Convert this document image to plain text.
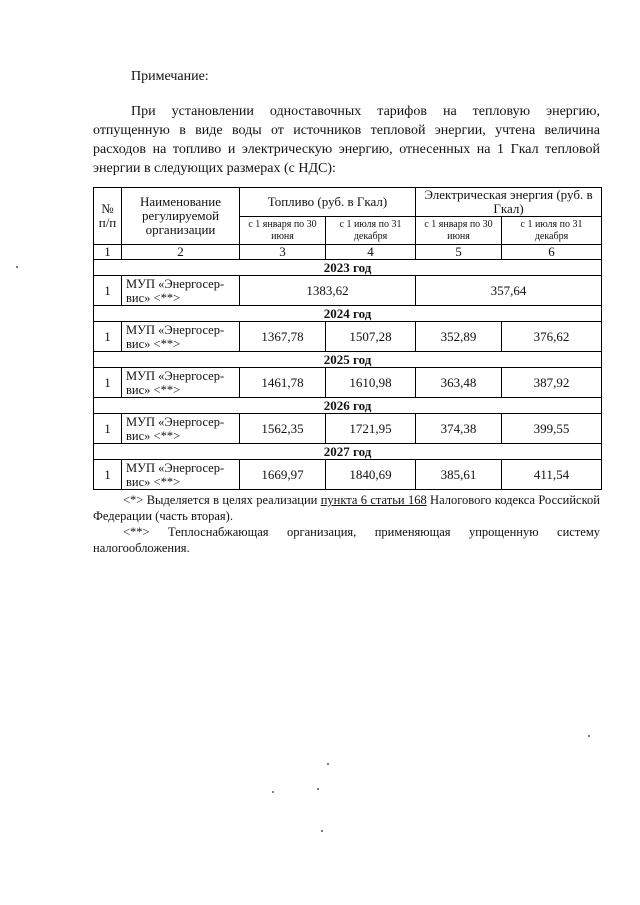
Примечание:
При установлении одноставочных тарифов на тепловую энергию, отпущенную в виде воды от источников тепловой энергии, учтена величина расходов на топливо и электрическую энергию, отнесенных на 1 Гкал тепловой энергии в следующих размерах (с НДС):
№ п/п	Наименование регулируемой организации	Топливо (руб. в Гкал)		Электрическая энергия (руб. в Гкал)	
		с 1 января по 30 июня	с 1 июля по 31 декабря	с 1 января по 30 июня	с 1 июля по 31 декабря
1	2	3	4	5	6
2023 год					
1	МУП «Энергосер-вис» <**>	1383,62		357,64	
2024 год					
1	МУП «Энергосер-вис» <**>	1367,78	1507,28	352,89	376,62
2025 год					
1	МУП «Энергосер-вис» <**>	1461,78	1610,98	363,48	387,92
2026 год					
1	МУП «Энергосер-вис» <**>	1562,35	1721,95	374,38	399,55
2027 год					
1	МУП «Энергосер-вис» <**>	1669,97	1840,69	385,61	411,54
<*> Выделяется в целях реализации пункта 6 статьи 168 Налогового кодекса Российской Федерации (часть вторая).
<**> Теплоснабжающая организация, применяющая упрощенную систему
налогообложения.
